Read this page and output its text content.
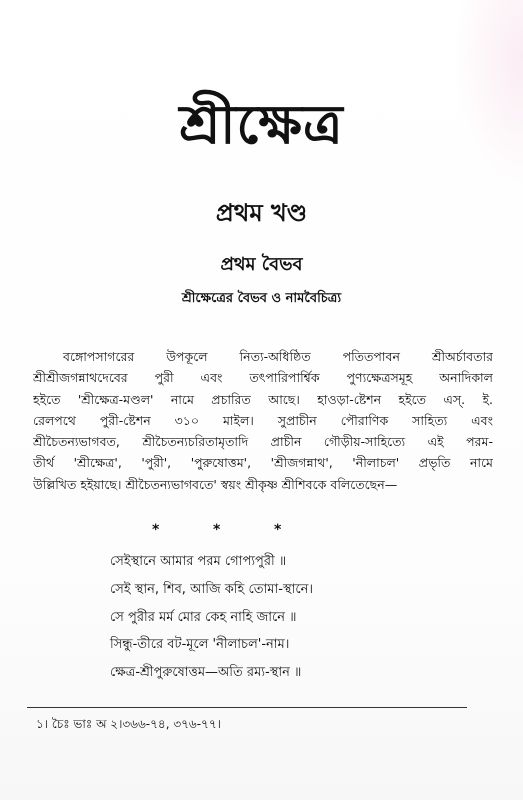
শ্রীক্ষেত্র
প্রথম খণ্ড
প্রথম বৈভব
শ্রীক্ষেত্রের বৈভব ও নামবৈচিত্র্য
বঙ্গোপসাগরের উপকূলে নিত্য-অধিষ্ঠিত পতিতপাবন শ্রীঅর্চাবতার
শ্রীশ্রীজগন্নাথদেবের পুরী এবং তৎপারিপার্শ্বিক পুণ্যক্ষেত্রসমূহ অনাদিকাল
হইতে 'শ্রীক্ষেত্র-মণ্ডল' নামে প্রচারিত আছে। হাওড়া-ষ্টেশন হইতে এস্. ই.
রেলপথে পুরী-ষ্টেশন ৩১০ মাইল। সুপ্রাচীন পৌরাণিক সাহিত্য এবং
শ্রীচৈতন্যভাগবত, শ্রীচৈতন্যচরিতামৃতাদি প্রাচীন গৌড়ীয়-সাহিত্যে এই পরম-
তীর্থ 'শ্রীক্ষেত্র', 'পুরী', 'পুরুষোত্তম', 'শ্রীজগন্নাথ', 'নীলাচল' প্রভৃতি নামে
উল্লিখিত হইয়াছে। শ্রীচৈতন্যভাগবতে' স্বয়ং শ্রীকৃষ্ণ শ্রীশিবকে বলিতেছেন—
*	*	*
সেইস্থানে আমার পরম গোপ্যপুরী ॥
সেই স্থান, শিব, আজি কহি তোমা-স্থানে।
সে পুরীর মর্ম মোর কেহ নাহি জানে ॥
সিন্ধু-তীরে বট-মূলে 'নীলাচল'-নাম।
ক্ষেত্র-শ্রীপুরুষোত্তম—অতি রম্য-স্থান ॥
১। চৈঃ ভাঃ অ ২।৩৬৬-৭৪, ৩৭৬-৭৭।
